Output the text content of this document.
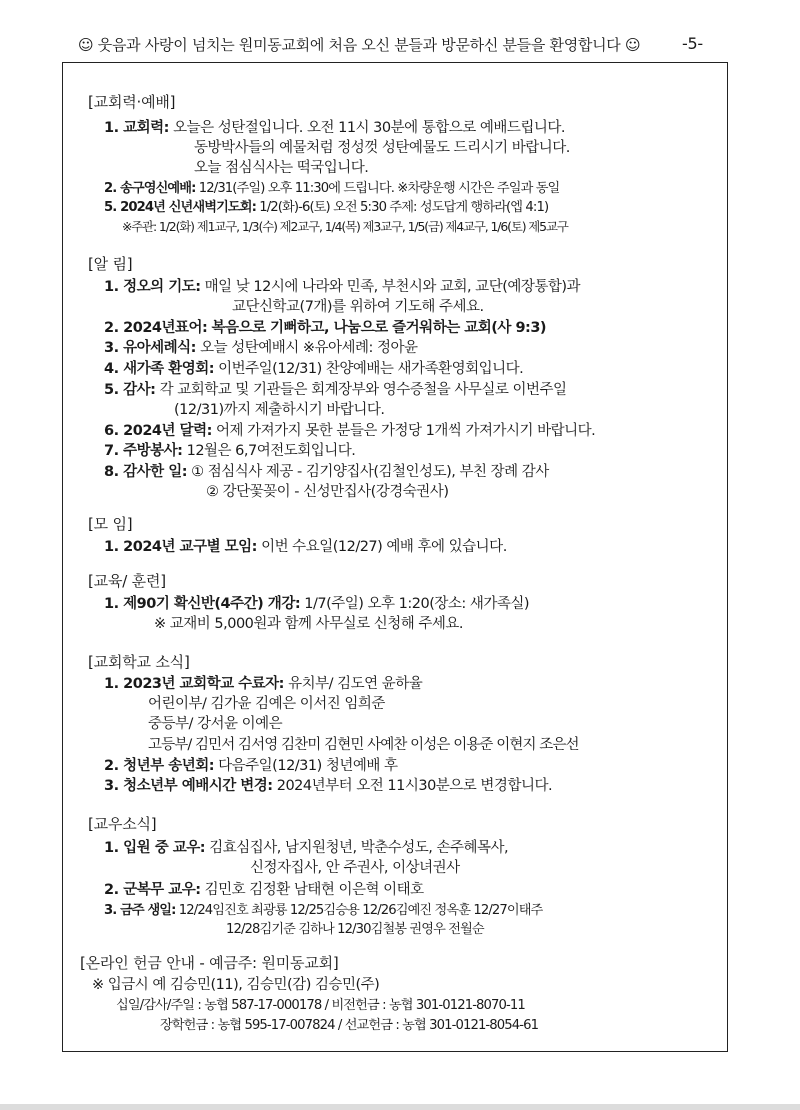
☺ 웃음과 사랑이 넘치는 원미동교회에 처음 오신 분들과 방문하신 분들을 환영합니다 ☺	-5-
[교회력·예배]
1. 교회력: 오늘은 성탄절입니다. 오전 11시 30분에 통합으로 예배드립니다.
동방박사들의 예물처럼 정성껏 성탄예물도 드리시기 바랍니다.
오늘 점심식사는 떡국입니다.
2. 송구영신예배: 12/31(주일) 오후 11:30에 드립니다. ※차량운행 시간은 주일과 동일
5. 2024년 신년새벽기도회: 1/2(화)-6(토) 오전 5:30 주제: 성도답게 행하라(엡 4:1)
※주관: 1/2(화) 제1교구, 1/3(수) 제2교구, 1/4(목) 제3교구, 1/5(금) 제4교구, 1/6(토) 제5교구
[알 림]
1. 정오의 기도: 매일 낮 12시에 나라와 민족, 부천시와 교회, 교단(예장통합)과
교단신학교(7개)를 위하여 기도해 주세요.
2. 2024년표어: 복음으로 기뻐하고, 나눔으로 즐거워하는 교회(사 9:3)
3. 유아세례식: 오늘 성탄예배시 ※유아세례: 정아윤
4. 새가족 환영회: 이번주일(12/31) 찬양예배는 새가족환영회입니다.
5. 감사: 각 교회학교 및 기관들은 회계장부와 영수증철을 사무실로 이번주일
(12/31)까지 제출하시기 바랍니다.
6. 2024년 달력: 어제 가져가지 못한 분들은 가정당 1개씩 가져가시기 바랍니다.
7. 주방봉사: 12월은 6,7여전도회입니다.
8. 감사한 일: ① 점심식사 제공 - 김기양집사(김철인성도), 부친 장례 감사
② 강단꽃꽂이 - 신성만집사(강경숙권사)
[모 임]
1. 2024년 교구별 모임: 이번 수요일(12/27) 예배 후에 있습니다.
[교육/ 훈련]
1. 제90기 확신반(4주간) 개강: 1/7(주일) 오후 1:20(장소: 새가족실)
※ 교재비 5,000원과 함께 사무실로 신청해 주세요.
[교회학교 소식]
1. 2023년 교회학교 수료자: 유치부/ 김도연 윤하율
어린이부/ 김가윤 김예은 이서진 임희준
중등부/ 강서윤 이예은
고등부/ 김민서 김서영 김찬미 김현민 사예찬 이성은 이용준 이현지 조은선
2. 청년부 송년회: 다음주일(12/31) 청년예배 후
3. 청소년부 예배시간 변경: 2024년부터 오전 11시30분으로 변경합니다.
[교우소식]
1. 입원 중 교우: 김효심집사, 남지원청년, 박춘수성도, 손주혜목사,
신정자집사, 안 주권사, 이상녀권사
2. 군복무 교우: 김민호 김정환 남태현 이은혁 이태호
3. 금주 생일: 12/24임진호 최광룡 12/25김승용 12/26김예진 정옥훈 12/27이태주
12/28김기준 김하나 12/30김철봉 권영우 전월순
[온라인 헌금 안내 - 예금주: 원미동교회]
※ 입금시 예 김승민(11), 김승민(감) 김승민(주)
십일/감사/주일 : 농협 587-17-000178 / 비전헌금 : 농협 301-0121-8070-11
장학헌금 : 농협 595-17-007824 / 선교헌금 : 농협 301-0121-8054-61
